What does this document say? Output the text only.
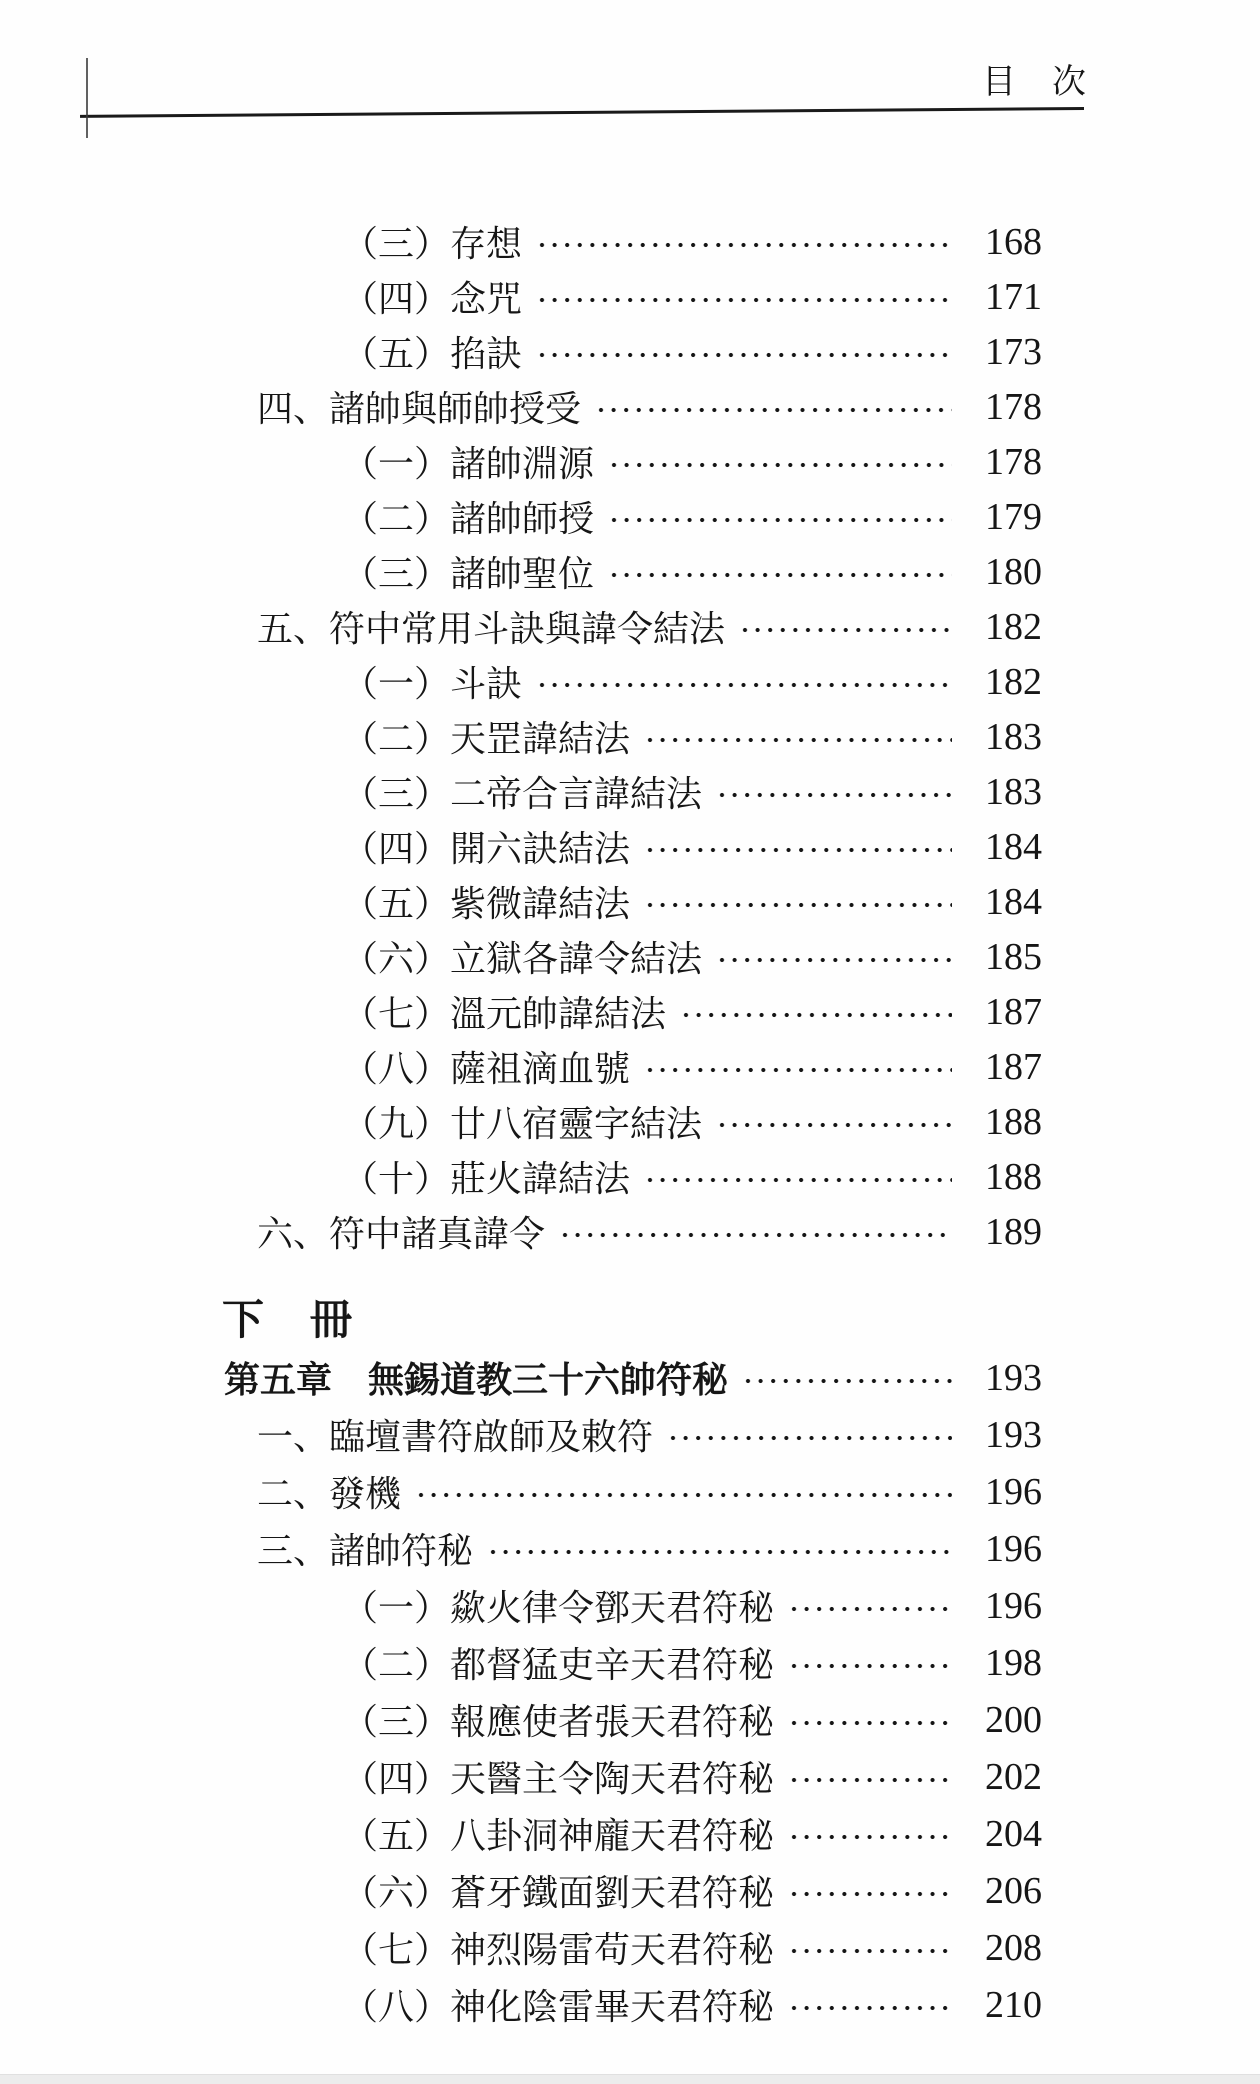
目　次
（三）存想	168
（四）念咒	171
（五）掐訣	173
四、諸帥與師帥授受	178
（一）諸帥淵源	178
（二）諸帥師授	179
（三）諸帥聖位	180
五、符中常用斗訣與諱令結法	182
（一）斗訣	182
（二）天罡諱結法	183
（三）二帝合言諱結法	183
（四）開六訣結法	184
（五）紫微諱結法	184
（六）立獄各諱令結法	185
（七）溫元帥諱結法	187
（八）薩祖滴血號	187
（九）廿八宿靈字結法	188
（十）莊火諱結法	188
六、符中諸真諱令	189
下　冊
第五章　無錫道教三十六帥符秘	193
一、臨壇書符啟師及敕符	193
二、發機	196
三、諸帥符秘	196
（一）歘火律令鄧天君符秘	196
（二）都督猛吏辛天君符秘	198
（三）報應使者張天君符秘	200
（四）天醫主令陶天君符秘	202
（五）八卦洞神龐天君符秘	204
（六）蒼牙鐵面劉天君符秘	206
（七）神烈陽雷苟天君符秘	208
（八）神化陰雷畢天君符秘	210
